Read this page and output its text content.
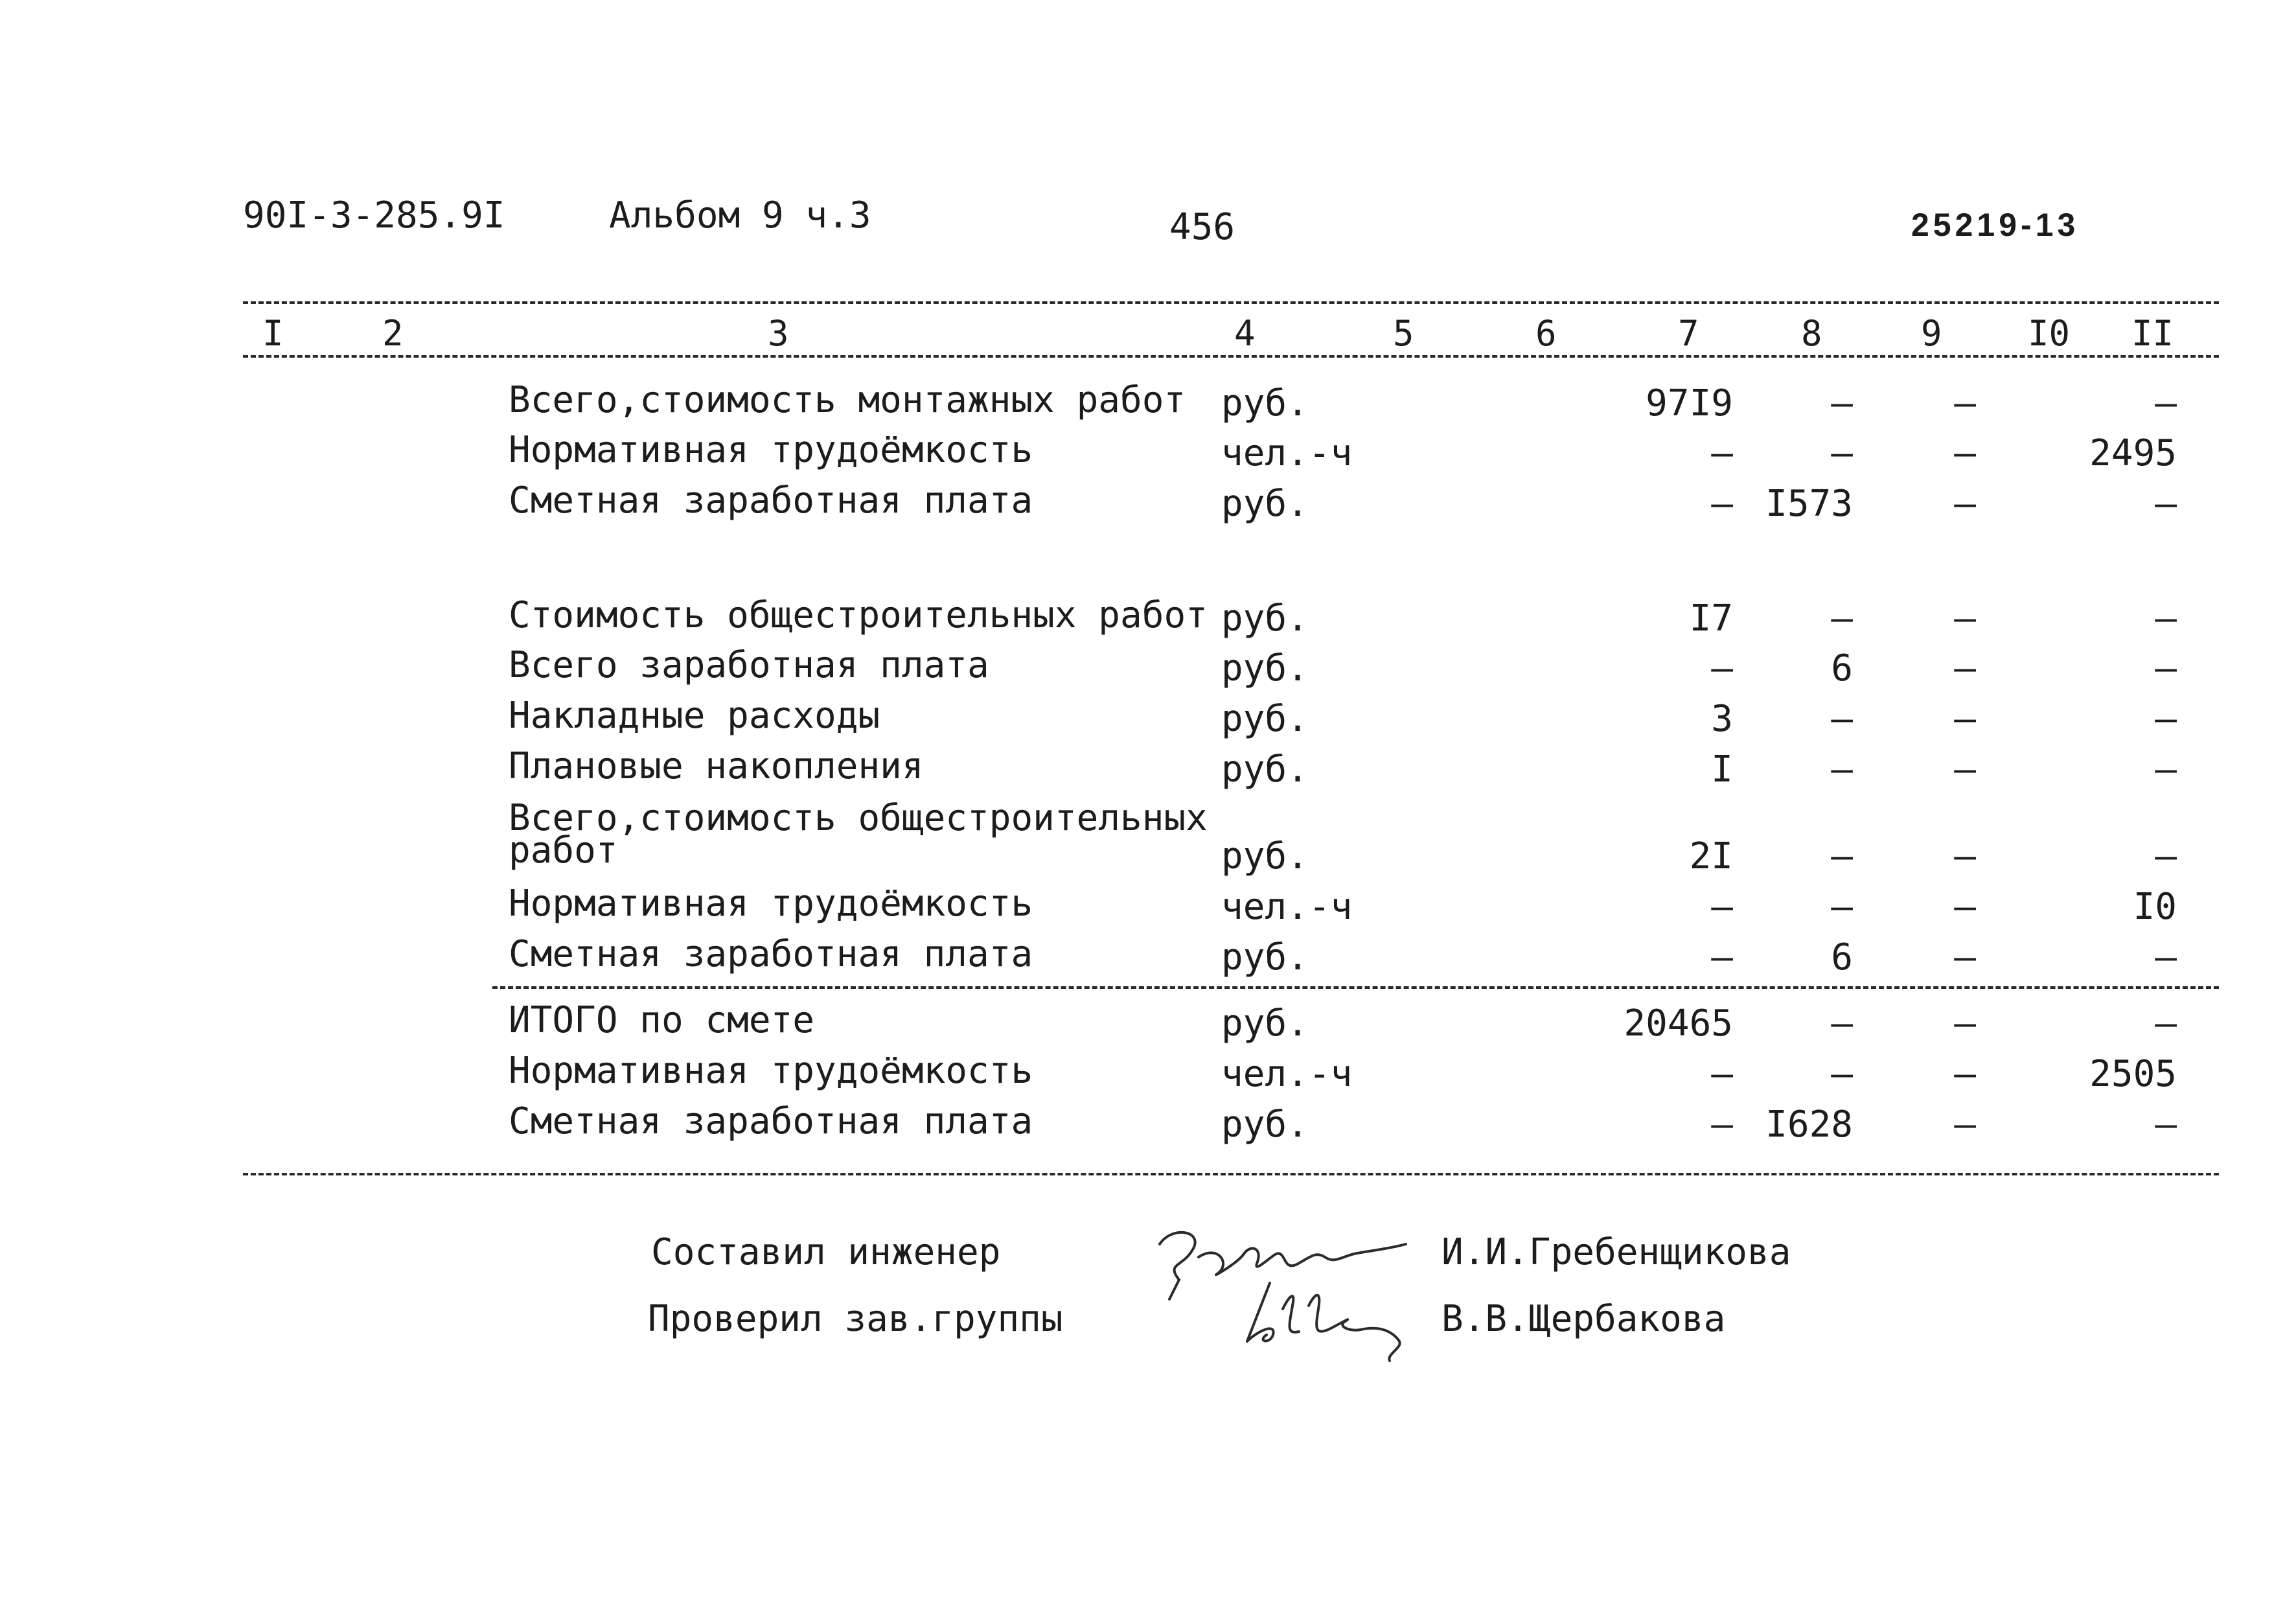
90I-3-285.9I	Альбом 9 ч.3	456	25219-13
I	2	3	4	5	6	7	8	9 I0 II
Всего,стоимость монтажных работ руб.	97I9	–	–	–
Нормативная трудоёмкость	чел.-ч	–	–	–	2495
Сметная заработная плата	руб.	– I573	–	–
Стоимость общестроительных работ руб.	I7	–	–	–
Всего заработная плата	руб.	–	6	–	–
Накладные расходы	руб.	3	–	–	–
Плановые накопления	руб.	I	–	–	–
Всего,стоимость общестроительных
работ	руб.	2I	–	–	–
Нормативная трудоёмкость	чел.-ч	–	–	–	I0
Сметная заработная плата	руб.	–	6	–	–
ИТОГО по смете	руб.	20465	–	–	–
Нормативная трудоёмкость	чел.-ч	–	–	–	2505
Сметная заработная плата	руб.	– I628	–	–
Составил инженер	И.И.Гребенщикова
Проверил зав.группы	В.В.Щербакова
